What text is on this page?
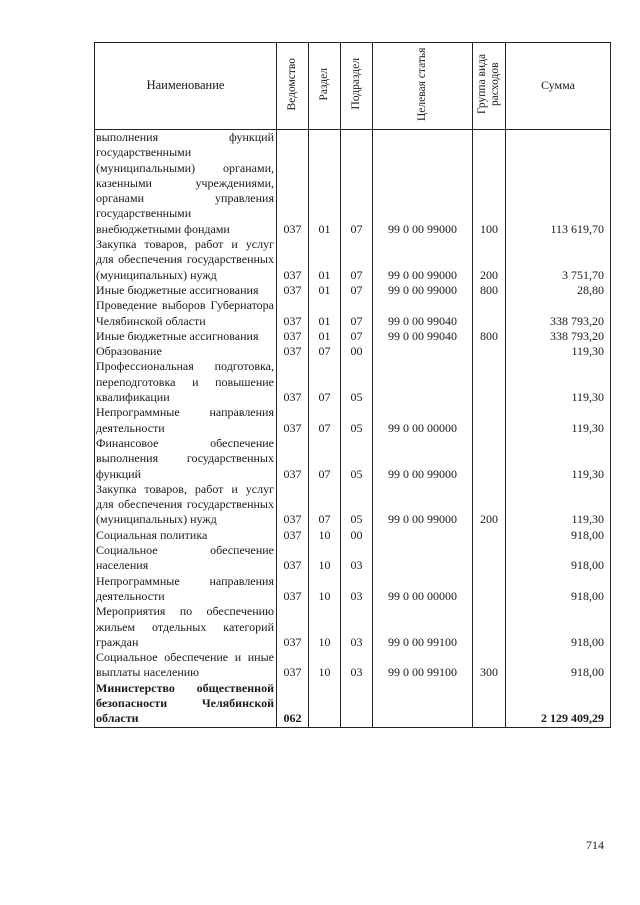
Наименование	Ведомство	Раздел	Подраздел	Целевая статья	Группа вида расходов	Сумма
выполнения функций государственными (муниципальными) органами, казенными учреждениями, органами управления государственными внебюджетными фондами	037	01	07	99 0 00 99000	100	113 619,70
Закупка товаров, работ и услуг для обеспечения государственных (муниципальных) нужд	037	01	07	99 0 00 99000	200	3 751,70
Иные бюджетные ассигнования	037	01	07	99 0 00 99000	800	28,80
Проведение выборов Губернатора Челябинской области	037	01	07	99 0 00 99040		338 793,20
Иные бюджетные ассигнования	037	01	07	99 0 00 99040	800	338 793,20
Образование	037	07	00			119,30
Профессиональная подготовка, переподготовка и повышение квалификации	037	07	05			119,30
Непрограммные направления деятельности	037	07	05	99 0 00 00000		119,30
Финансовое обеспечение выполнения государственных функций	037	07	05	99 0 00 99000		119,30
Закупка товаров, работ и услуг для обеспечения государственных (муниципальных) нужд	037	07	05	99 0 00 99000	200	119,30
Социальная политика	037	10	00			918,00
Социальное обеспечение населения	037	10	03			918,00
Непрограммные направления деятельности	037	10	03	99 0 00 00000		918,00
Мероприятия по обеспечению жильем отдельных категорий граждан	037	10	03	99 0 00 99100		918,00
Социальное обеспечение и иные выплаты населению	037	10	03	99 0 00 99100	300	918,00
Министерство общественной безопасности Челябинской области	062					2 129 409,29
714
